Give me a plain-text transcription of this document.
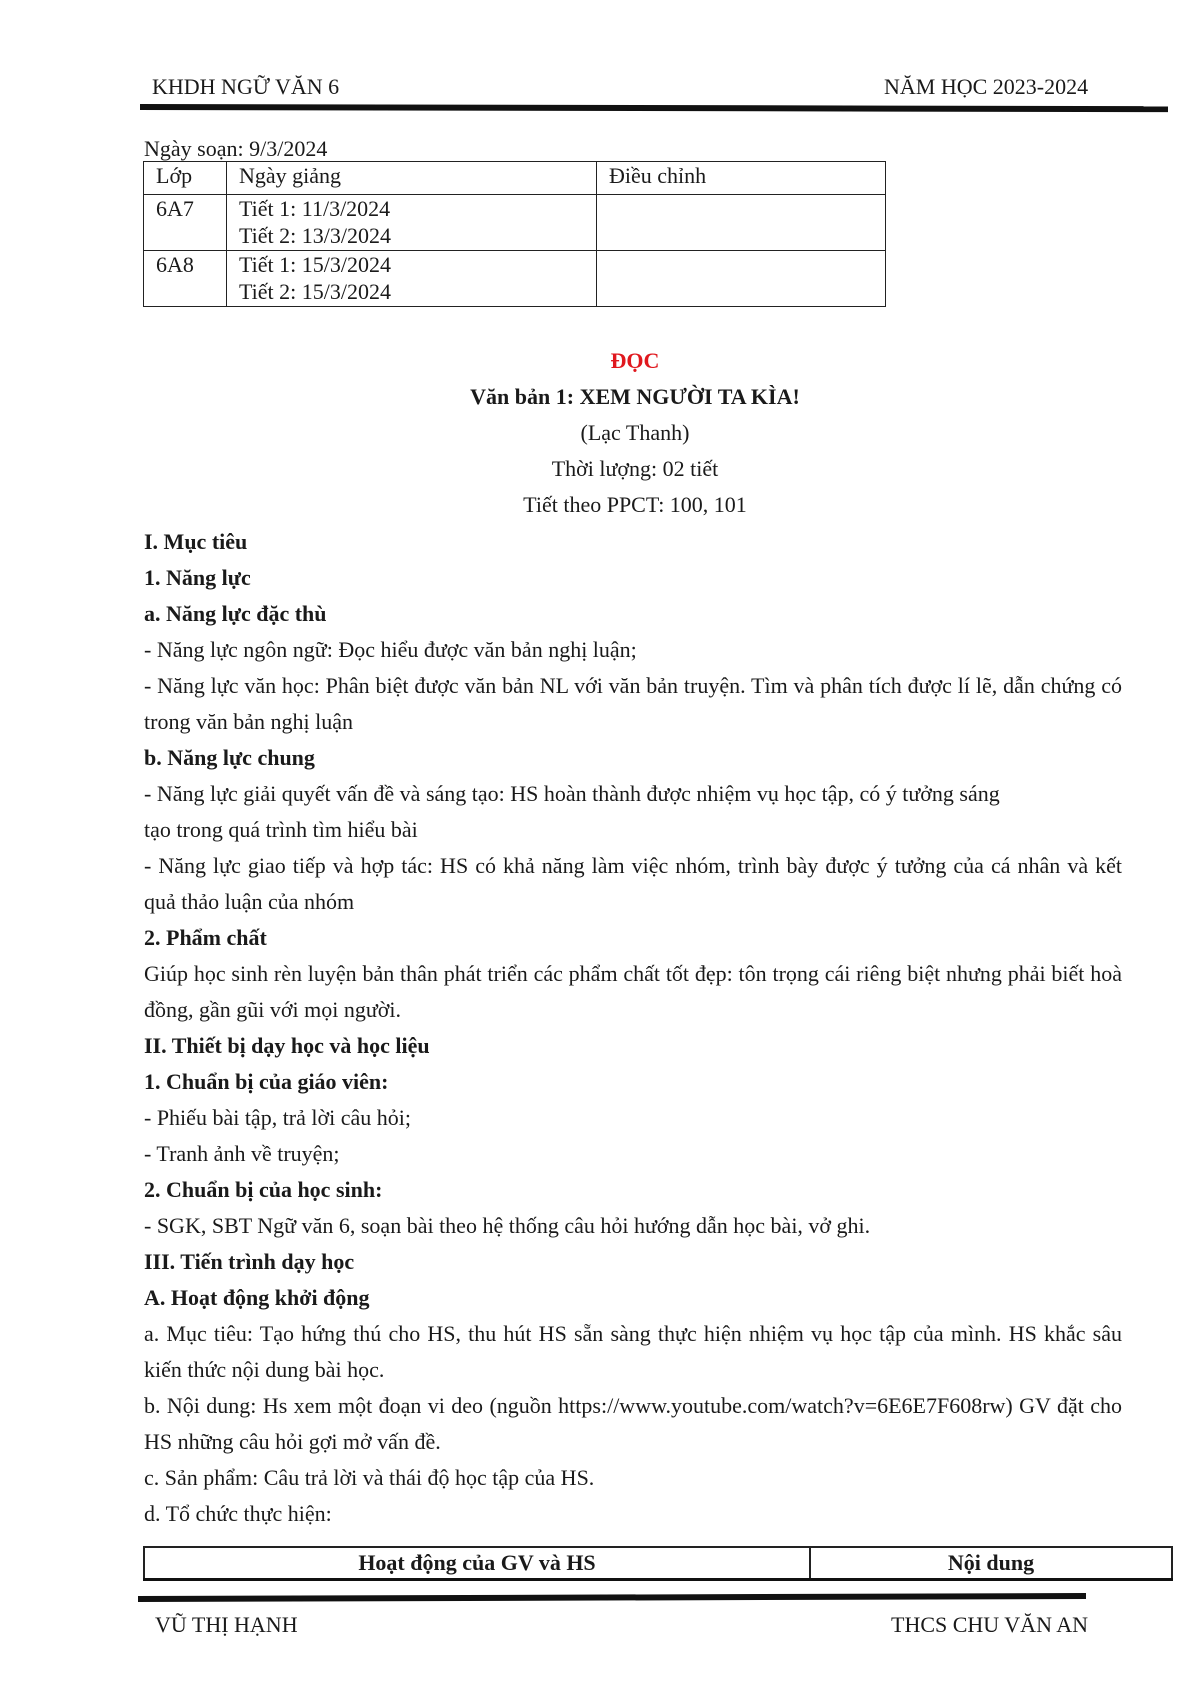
KHDH NGỮ VĂN 6	NĂM HỌC 2023-2024
Ngày soạn: 9/3/2024
Lớp	Ngày giảng	Điều chỉnh
6A7	Tiết 1: 11/3/2024
Tiết 2: 13/3/2024	

6A8	Tiết 1: 15/3/2024
Tiết 2: 15/3/2024	

ĐỌC
Văn bản 1: XEM NGƯỜI TA KÌA!
(Lạc Thanh)
Thời lượng: 02 tiết
Tiết theo PPCT: 100, 101

I. Mục tiêu

1. Năng lực

a. Năng lực đặc thù

- Năng lực ngôn ngữ: Đọc hiểu được văn bản nghị luận;

- Năng lực văn học: Phân biệt được văn bản NL với văn bản truyện. Tìm và phân tích được lí lẽ, dẫn chứng có trong văn bản nghị luận

b. Năng lực chung

- Năng lực giải quyết vấn đề và sáng tạo: HS hoàn thành được nhiệm vụ học tập, có ý tưởng sáng tạo trong quá trình tìm hiểu bài

- Năng lực giao tiếp và hợp tác: HS có khả năng làm việc nhóm, trình bày được ý tưởng của cá nhân và kết quả thảo luận của nhóm

2. Phẩm chất

Giúp học sinh rèn luyện bản thân phát triển các phẩm chất tốt đẹp: tôn trọng cái riêng biệt nhưng phải biết hoà đồng, gần gũi với mọi người.

II. Thiết bị dạy học và học liệu

1. Chuẩn bị của giáo viên:

- Phiếu bài tập, trả lời câu hỏi;

- Tranh ảnh về truyện;

2. Chuẩn bị của học sinh:

- SGK, SBT Ngữ văn 6, soạn bài theo hệ thống câu hỏi hướng dẫn học bài, vở ghi.

III. Tiến trình dạy học

A. Hoạt động khởi động

a. Mục tiêu: Tạo hứng thú cho HS, thu hút HS sẵn sàng thực hiện nhiệm vụ học tập của mình. HS khắc sâu kiến thức nội dung bài học.

b. Nội dung: Hs xem một đoạn vi deo (nguồn https://www.youtube.com/watch?v=6E6E7F608rw) GV đặt cho HS những câu hỏi gợi mở vấn đề.

c. Sản phẩm: Câu trả lời và thái độ học tập của HS.

d. Tổ chức thực hiện:

Hoạt động của GV và HS	Nội dung
VŨ THỊ HẠNH	THCS CHU VĂN AN
